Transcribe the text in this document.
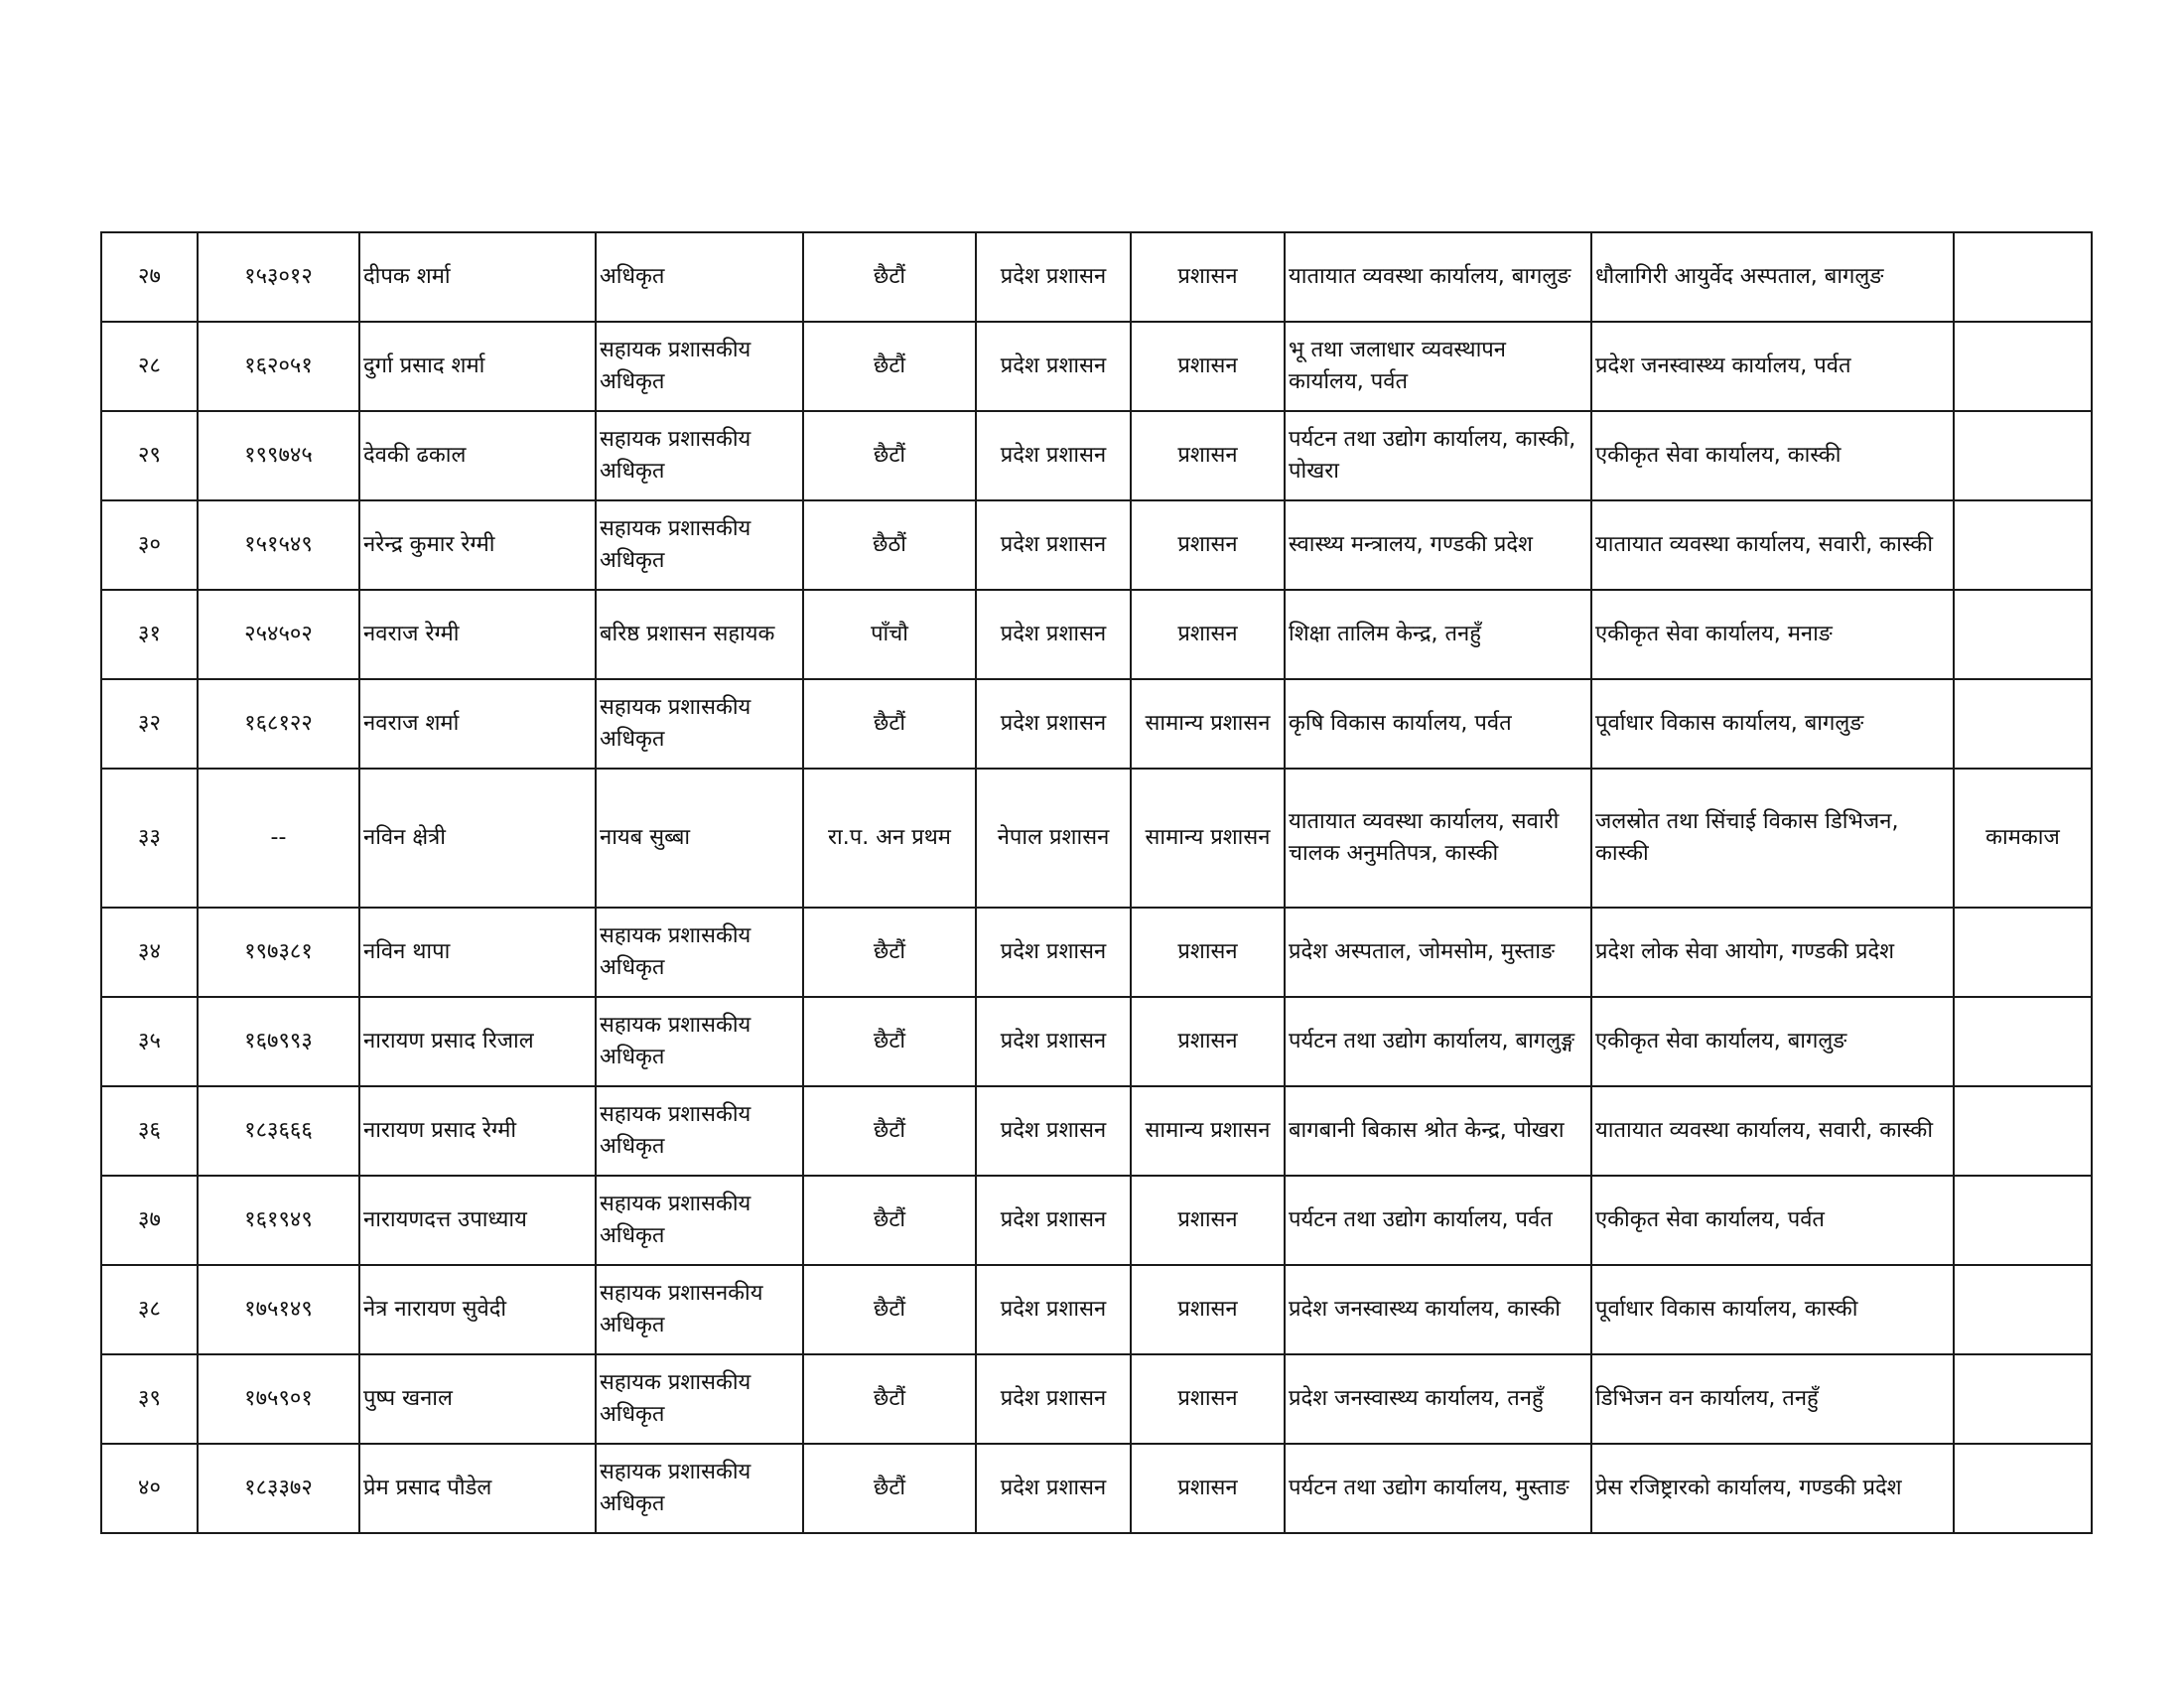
२७	१५३०१२	दीपक शर्मा	अधिकृत	छैटौं	प्रदेश प्रशासन	प्रशासन	यातायात व्यवस्था कार्यालय, बागलुङ	धौलागिरी आयुर्वेद अस्पताल, बागलुङ	
२८	१६२०५१	दुर्गा प्रसाद शर्मा	सहायक प्रशासकीय अधिकृत	छैटौं	प्रदेश प्रशासन	प्रशासन	भू तथा जलाधार व्यवस्थापन कार्यालय, पर्वत	प्रदेश जनस्वास्थ्य कार्यालय, पर्वत	
२९	१९९७४५	देवकी ढकाल	सहायक प्रशासकीय अधिकृत	छैटौं	प्रदेश प्रशासन	प्रशासन	पर्यटन तथा उद्योग कार्यालय, कास्की, पोखरा	एकीकृत सेवा कार्यालय, कास्की	
३०	१५१५४९	नरेन्द्र कुमार रेग्मी	सहायक प्रशासकीय अधिकृत	छैठौं	प्रदेश प्रशासन	प्रशासन	स्वास्थ्य मन्त्रालय, गण्डकी प्रदेश	यातायात व्यवस्था कार्यालय, सवारी, कास्की	
३१	२५४५०२	नवराज रेग्मी	बरिष्ठ प्रशासन सहायक	पाँचौ	प्रदेश प्रशासन	प्रशासन	शिक्षा तालिम केन्द्र, तनहुँ	एकीकृत सेवा कार्यालय, मनाङ	
३२	१६८१२२	नवराज शर्मा	सहायक प्रशासकीय अधिकृत	छैटौं	प्रदेश प्रशासन	सामान्य प्रशासन	कृषि विकास कार्यालय, पर्वत	पूर्वाधार विकास कार्यालय, बागलुङ	
३३	--	नविन क्षेत्री	नायब सुब्बा	रा.प. अन प्रथम	नेपाल प्रशासन	सामान्य प्रशासन	यातायात व्यवस्था कार्यालय, सवारी चालक अनुमतिपत्र, कास्की	जलस्रोत तथा सिंचाई विकास डिभिजन, कास्की	कामकाज
३४	१९७३८१	नविन थापा	सहायक प्रशासकीय अधिकृत	छैटौं	प्रदेश प्रशासन	प्रशासन	प्रदेश अस्पताल, जोमसोम, मुस्ताङ	प्रदेश लोक सेवा आयोग, गण्डकी प्रदेश	
३५	१६७९९३	नारायण प्रसाद रिजाल	सहायक प्रशासकीय अधिकृत	छैटौं	प्रदेश प्रशासन	प्रशासन	पर्यटन तथा उद्योग कार्यालय, बागलुङ्ग	एकीकृत सेवा कार्यालय, बागलुङ	
३६	१८३६६६	नारायण प्रसाद रेग्मी	सहायक प्रशासकीय अधिकृत	छैटौं	प्रदेश प्रशासन	सामान्य प्रशासन	बागबानी बिकास श्रोत केन्द्र, पोखरा	यातायात व्यवस्था कार्यालय, सवारी, कास्की	
३७	१६१९४९	नारायणदत्त उपाध्याय	सहायक प्रशासकीय अधिकृत	छैटौं	प्रदेश प्रशासन	प्रशासन	पर्यटन तथा उद्योग कार्यालय, पर्वत	एकीकृत सेवा कार्यालय, पर्वत	
३८	१७५१४९	नेत्र नारायण सुवेदी	सहायक प्रशासनकीय अधिकृत	छैटौं	प्रदेश प्रशासन	प्रशासन	प्रदेश जनस्वास्थ्य कार्यालय, कास्की	पूर्वाधार विकास कार्यालय, कास्की	
३९	१७५९०१	पुष्प खनाल	सहायक प्रशासकीय अधिकृत	छैटौं	प्रदेश प्रशासन	प्रशासन	प्रदेश जनस्वास्थ्य कार्यालय, तनहुँ	डिभिजन वन कार्यालय, तनहुँ	
४०	१८३३७२	प्रेम प्रसाद पौडेल	सहायक प्रशासकीय अधिकृत	छैटौं	प्रदेश प्रशासन	प्रशासन	पर्यटन तथा उद्योग कार्यालय, मुस्ताङ	प्रेस रजिष्ट्रारको कार्यालय, गण्डकी प्रदेश	
